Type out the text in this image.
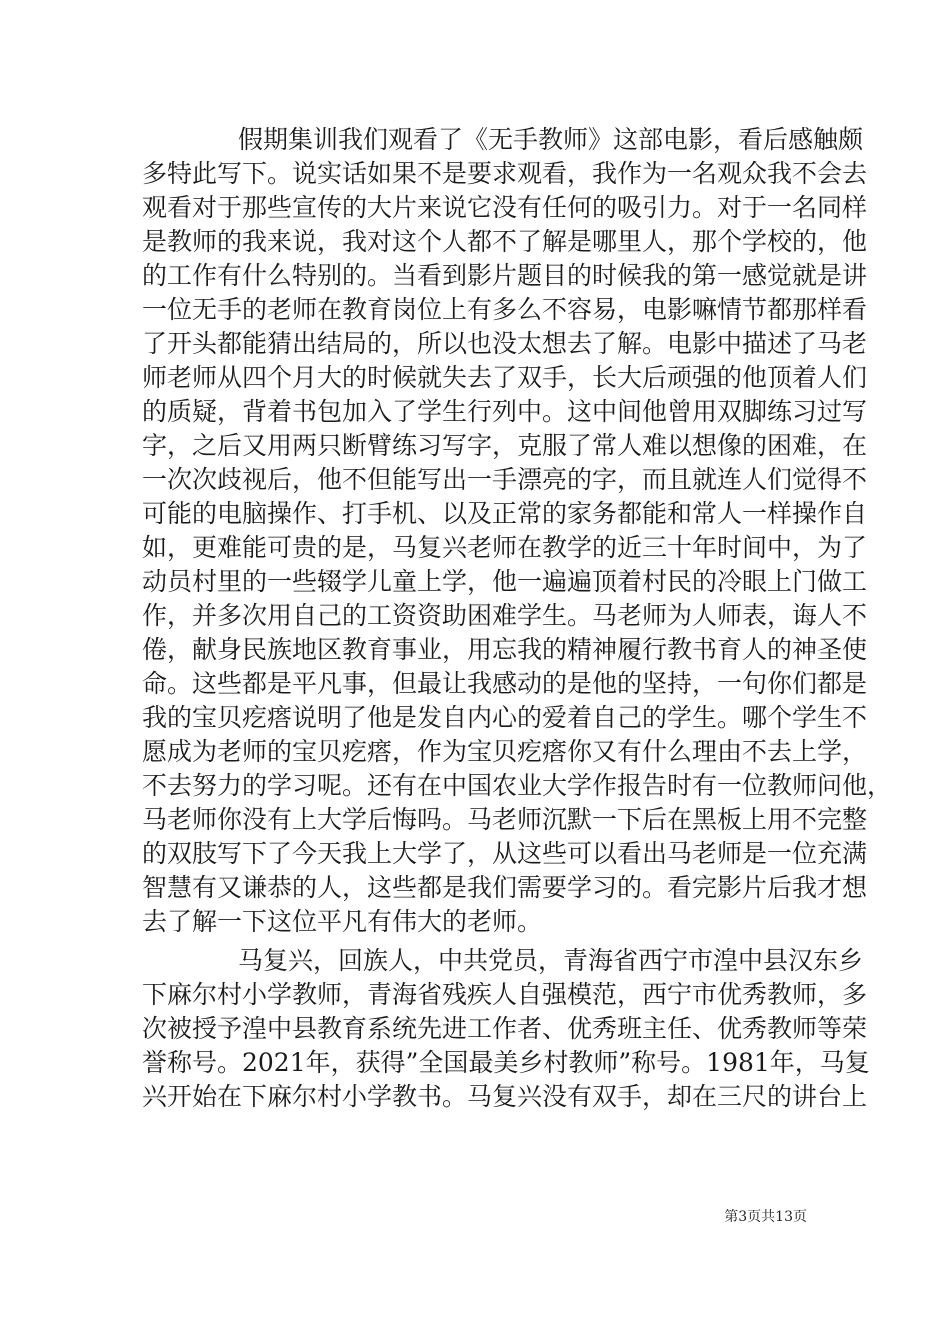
假期集训我们观看了《无手教师》这部电影，看后感触颇
多特此写下。说实话如果不是要求观看，我作为一名观众我不会去
观看对于那些宣传的大片来说它没有任何的吸引力。对于一名同样
是教师的我来说，我对这个人都不了解是哪里人，那个学校的，他
的工作有什么特别的。当看到影片题目的时候我的第一感觉就是讲
一位无手的老师在教育岗位上有多么不容易，电影嘛情节都那样看
了开头都能猜出结局的，所以也没太想去了解。电影中描述了马老
师老师从四个月大的时候就失去了双手，长大后顽强的他顶着人们
的质疑，背着书包加入了学生行列中。这中间他曾用双脚练习过写
字，之后又用两只断臂练习写字，克服了常人难以想像的困难，在
一次次歧视后，他不但能写出一手漂亮的字，而且就连人们觉得不
可能的电脑操作、打手机、以及正常的家务都能和常人一样操作自
如，更难能可贵的是，马复兴老师在教学的近三十年时间中，为了
动员村里的一些辍学儿童上学，他一遍遍顶着村民的冷眼上门做工
作，并多次用自己的工资资助困难学生。马老师为人师表，诲人不
倦，献身民族地区教育事业，用忘我的精神履行教书育人的神圣使
命。这些都是平凡事，但最让我感动的是他的坚持，一句你们都是
我的宝贝疙瘩说明了他是发自内心的爱着自己的学生。哪个学生不
愿成为老师的宝贝疙瘩，作为宝贝疙瘩你又有什么理由不去上学，
不去努力的学习呢。还有在中国农业大学作报告时有一位教师问他，
马老师你没有上大学后悔吗。马老师沉默一下后在黑板上用不完整
的双肢写下了今天我上大学了，从这些可以看出马老师是一位充满
智慧有又谦恭的人，这些都是我们需要学习的。看完影片后我才想
去了解一下这位平凡有伟大的老师。
马复兴，回族人，中共党员，青海省西宁市湟中县汉东乡
下麻尔村小学教师，青海省残疾人自强模范，西宁市优秀教师，多
次被授予湟中县教育系统先进工作者、优秀班主任、优秀教师等荣
誉称号。2021年，获得”全国最美乡村教师”称号。1981年，马复
兴开始在下麻尔村小学教书。马复兴没有双手，却在三尺的讲台上
第3页共13页
